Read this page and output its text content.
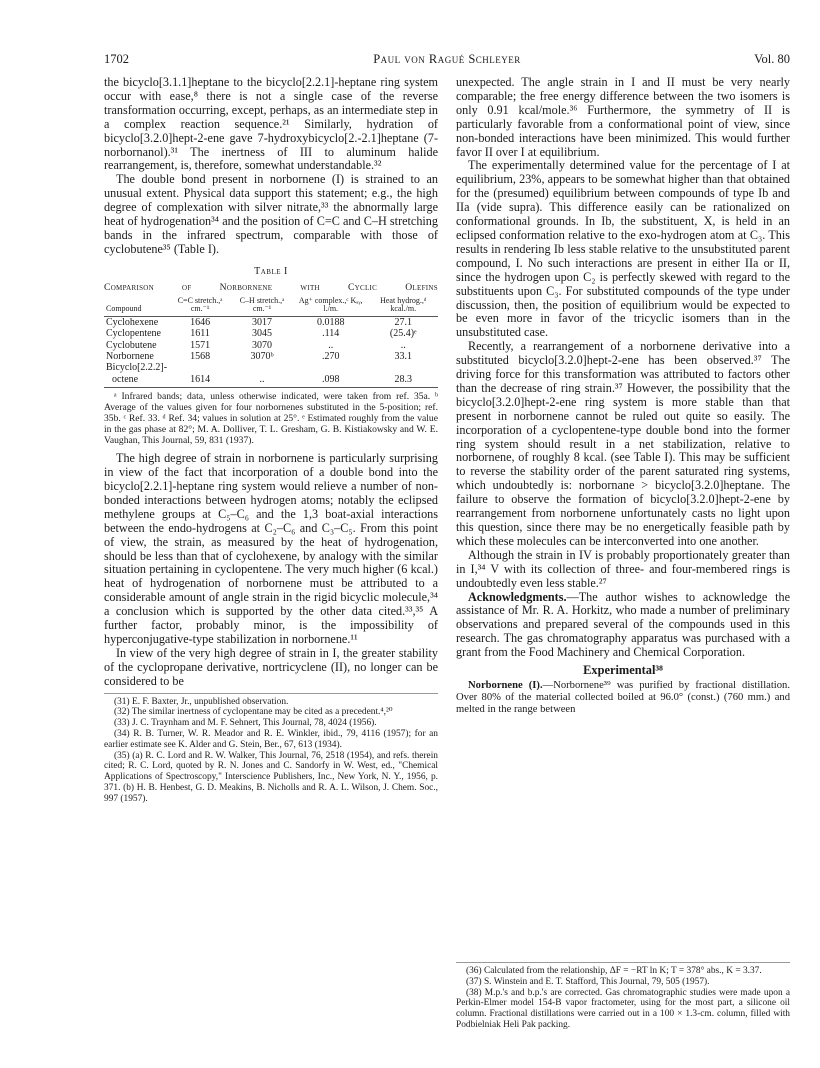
1702	Paul von Ragué Schleyer	Vol. 80

the bicyclo[3.1.1]heptane to the bicyclo[2.2.1]-heptane ring system occur with ease,⁸ there is not a single case of the reverse transformation occurring, except, perhaps, as an intermediate step in a complex reaction sequence.²¹ Similarly, hydration of bicyclo[3.2.0]hept-2-ene gave 7-hydroxybicyclo[2.-2.1]heptane (7-norbornanol).³¹ The inertness of III to aluminum halide rearrangement, is, therefore, somewhat understandable.³²

The double bond present in norbornene (I) is strained to an unusual extent. Physical data support this statement; e.g., the high degree of complexation with silver nitrate,³³ the abnormally large heat of hydrogenation³⁴ and the position of C=C and C–H stretching bands in the infrared spectrum, comparable with those of cyclobutene³⁵ (Table I).

Table I
Comparison	of	Norbornene	with	Cyclic	Olefins
Compound	C=C stretch.,ᵃ cm.⁻¹	C–H stretch.,ᵃ cm.⁻¹	Ag⁺ complex.,ᶜ Kₐᵧ, l./m.	Heat hydrog.,ᵈ kcal./m.
Cyclohexene	1646	3017	0.0188	27.1
Cyclopentene	1611	3045	.114	(25.4)ᵉ
Cyclobutene	1571	3070	..	..
Norbornene	1568	3070ᵇ	.270	33.1
Bicyclo[2.2.2]-				
octene	1614	..	.098	28.3
ᵃ Infrared bands; data, unless otherwise indicated, were taken from ref. 35a. ᵇ Average of the values given for four norbornenes substituted in the 5-position; ref. 35b. ᶜ Ref. 33. ᵈ Ref. 34; values in solution at 25°. ᵉ Estimated roughly from the value in the gas phase at 82°; M. A. Dolliver, T. L. Gresham, G. B. Kistiakowsky and W. E. Vaughan, This Journal, 59, 831 (1937).

The high degree of strain in norbornene is particularly surprising in view of the fact that incorporation of a double bond into the bicyclo[2.2.1]-heptane ring system would relieve a number of non-bonded interactions between hydrogen atoms; notably the eclipsed methylene groups at C₅–C₆ and the 1,3 boat-axial interactions between the endo-hydrogens at C₂–C₆ and C₃–C₅. From this point of view, the strain, as measured by the heat of hydrogenation, should be less than that of cyclohexene, by analogy with the similar situation pertaining in cyclopentene. The very much higher (6 kcal.) heat of hydrogenation of norbornene must be attributed to a considerable amount of angle strain in the rigid bicyclic molecule,³⁴ a conclusion which is supported by the other data cited.³³,³⁵ A further factor, probably minor, is the impossibility of hyperconjugative-type stabilization in norbornene.¹¹

In view of the very high degree of strain in I, the greater stability of the cyclopropane derivative, nortricyclene (II), no longer can be considered to be

(31) E. F. Baxter, Jr., unpublished observation.

(32) The similar inertness of cyclopentane may be cited as a precedent.⁴,²⁰

(33) J. C. Traynham and M. F. Sehnert, This Journal, 78, 4024 (1956).

(34) R. B. Turner, W. R. Meador and R. E. Winkler, ibid., 79, 4116 (1957); for an earlier estimate see K. Alder and G. Stein, Ber., 67, 613 (1934).

(35) (a) R. C. Lord and R. W. Walker, This Journal, 76, 2518 (1954), and refs. therein cited; R. C. Lord, quoted by R. N. Jones and C. Sandorfy in W. West, ed., "Chemical Applications of Spectroscopy," Interscience Publishers, Inc., New York, N. Y., 1956, p. 371. (b) H. B. Henbest, G. D. Meakins, B. Nicholls and R. A. L. Wilson, J. Chem. Soc., 997 (1957).

unexpected. The angle strain in I and II must be very nearly comparable; the free energy difference between the two isomers is only 0.91 kcal/mole.³⁶ Furthermore, the symmetry of II is particularly favorable from a conformational point of view, since non-bonded interactions have been minimized. This would further favor II over I at equilibrium.

The experimentally determined value for the percentage of I at equilibrium, 23%, appears to be somewhat higher than that obtained for the (presumed) equilibrium between compounds of type Ib and IIa (vide supra). This difference easily can be rationalized on conformational grounds. In Ib, the substituent, X, is held in an eclipsed conformation relative to the exo-hydrogen atom at C₃. This results in rendering Ib less stable relative to the unsubstituted parent compound, I. No such interactions are present in either IIa or II, since the hydrogen upon C₂ is perfectly skewed with regard to the substituents upon C₃. For substituted compounds of the type under discussion, then, the position of equilibrium would be expected to be even more in favor of the tricyclic isomers than in the unsubstituted case.

Recently, a rearrangement of a norbornene derivative into a substituted bicyclo[3.2.0]hept-2-ene has been observed.³⁷ The driving force for this transformation was attributed to factors other than the decrease of ring strain.³⁷ However, the possibility that the bicyclo[3.2.0]hept-2-ene ring system is more stable than that present in norbornene cannot be ruled out quite so easily. The incorporation of a cyclopentene-type double bond into the former ring system should result in a net stabilization, relative to norbornene, of roughly 8 kcal. (see Table I). This may be sufficient to reverse the stability order of the parent saturated ring systems, which undoubtedly is: norbornane > bicyclo[3.2.0]heptane. The failure to observe the formation of bicyclo[3.2.0]hept-2-ene by rearrangement from norbornene unfortunately casts no light upon this question, since there may be no energetically feasible path by which these molecules can be interconverted into one another.

Although the strain in IV is probably proportionately greater than in I,³⁴ V with its collection of three- and four-membered rings is undoubtedly even less stable.²⁷

Acknowledgments.—The author wishes to acknowledge the assistance of Mr. R. A. Horkitz, who made a number of preliminary observations and prepared several of the compounds used in this research. The gas chromatography apparatus was purchased with a grant from the Food Machinery and Chemical Corporation.

Experimental³⁸

Norbornene (I).—Norbornene³⁹ was purified by fractional distillation. Over 80% of the material collected boiled at 96.0° (const.) (760 mm.) and melted in the range between

(36) Calculated from the relationship, ΔF = −RT ln K; T = 378° abs., K = 3.37.

(37) S. Winstein and E. T. Stafford, This Journal, 79, 505 (1957).

(38) M.p.'s and b.p.'s are corrected. Gas chromatographic studies were made upon a Perkin-Elmer model 154-B vapor fractometer, using for the most part, a silicone oil column. Fractional distillations were carried out in a 100 × 1.3-cm. column, filled with Podbielniak Heli Pak packing.
